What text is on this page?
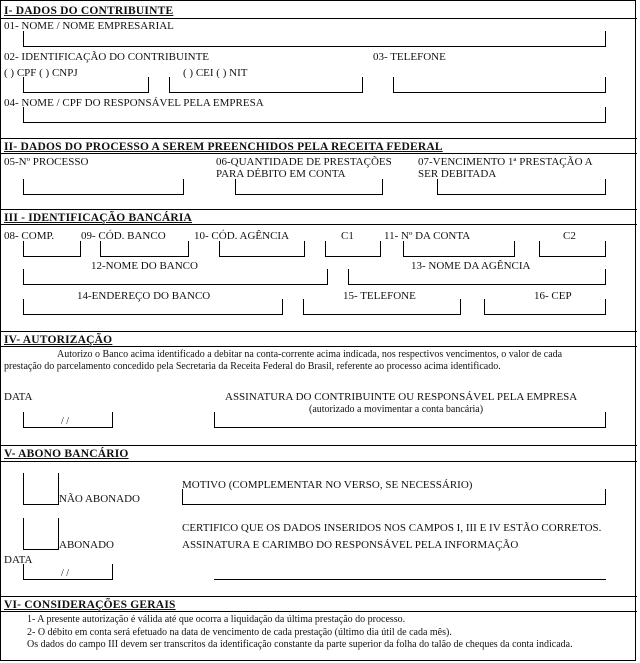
I- DADOS DO CONTRIBUINTE
01- NOME / NOME EMPRESARIAL
02- IDENTIFICAÇÃO DO CONTRIBUINTE
( ) CPF ( ) CNPJ	( ) CEI ( ) NIT
03- TELEFONE
04- NOME / CPF DO RESPONSÁVEL PELA EMPRESA
II- DADOS DO PROCESSO A SEREM PREENCHIDOS PELA RECEITA FEDERAL
05-Nº PROCESSO	06-QUANTIDADE DE PRESTAÇÕES
PARA DÉBITO EM CONTA
07-VENCIMENTO 1ª PRESTAÇÃO A
SER DEBITADA
III - IDENTIFICAÇÃO BANCÁRIA
08- COMP. 09- CÓD. BANCO	10- CÓD. AGÊNCIA	C1	11- Nº DA CONTA	C2
12-NOME DO BANCO	13- NOME DA AGÊNCIA
14-ENDEREÇO DO BANCO	15- TELEFONE	16- CEP
IV- AUTORIZAÇÃO
Autorizo o Banco acima identificado a debitar na conta-corrente acima indicada, nos respectivos vencimentos, o valor de cada
prestação do parcelamento concedido pela Secretaria da Receita Federal do Brasil, referente ao processo acima identificado.
DATA
/ /
ASSINATURA DO CONTRIBUINTE OU RESPONSÁVEL PELA EMPRESA
(autorizado a movimentar a conta bancária)
V- ABONO BANCÁRIO
NÃO ABONADO
MOTIVO (COMPLEMENTAR NO VERSO, SE NECESSÁRIO)
ABONADO
CERTIFICO QUE OS DADOS INSERIDOS NOS CAMPOS I, III E IV ESTÃO CORRETOS.
ASSINATURA E CARIMBO DO RESPONSÁVEL PELA INFORMAÇÃO
DATA
/ /
VI- CONSIDERAÇÕES GERAIS
1- A presente autorização é válida até que ocorra a liquidação da última prestação do processo.
2- O débito em conta será efetuado na data de vencimento de cada prestação (último dia útil de cada mês).
Os dados do campo III devem ser transcritos da identificação constante da parte superior da folha do talão de cheques da conta indicada.
